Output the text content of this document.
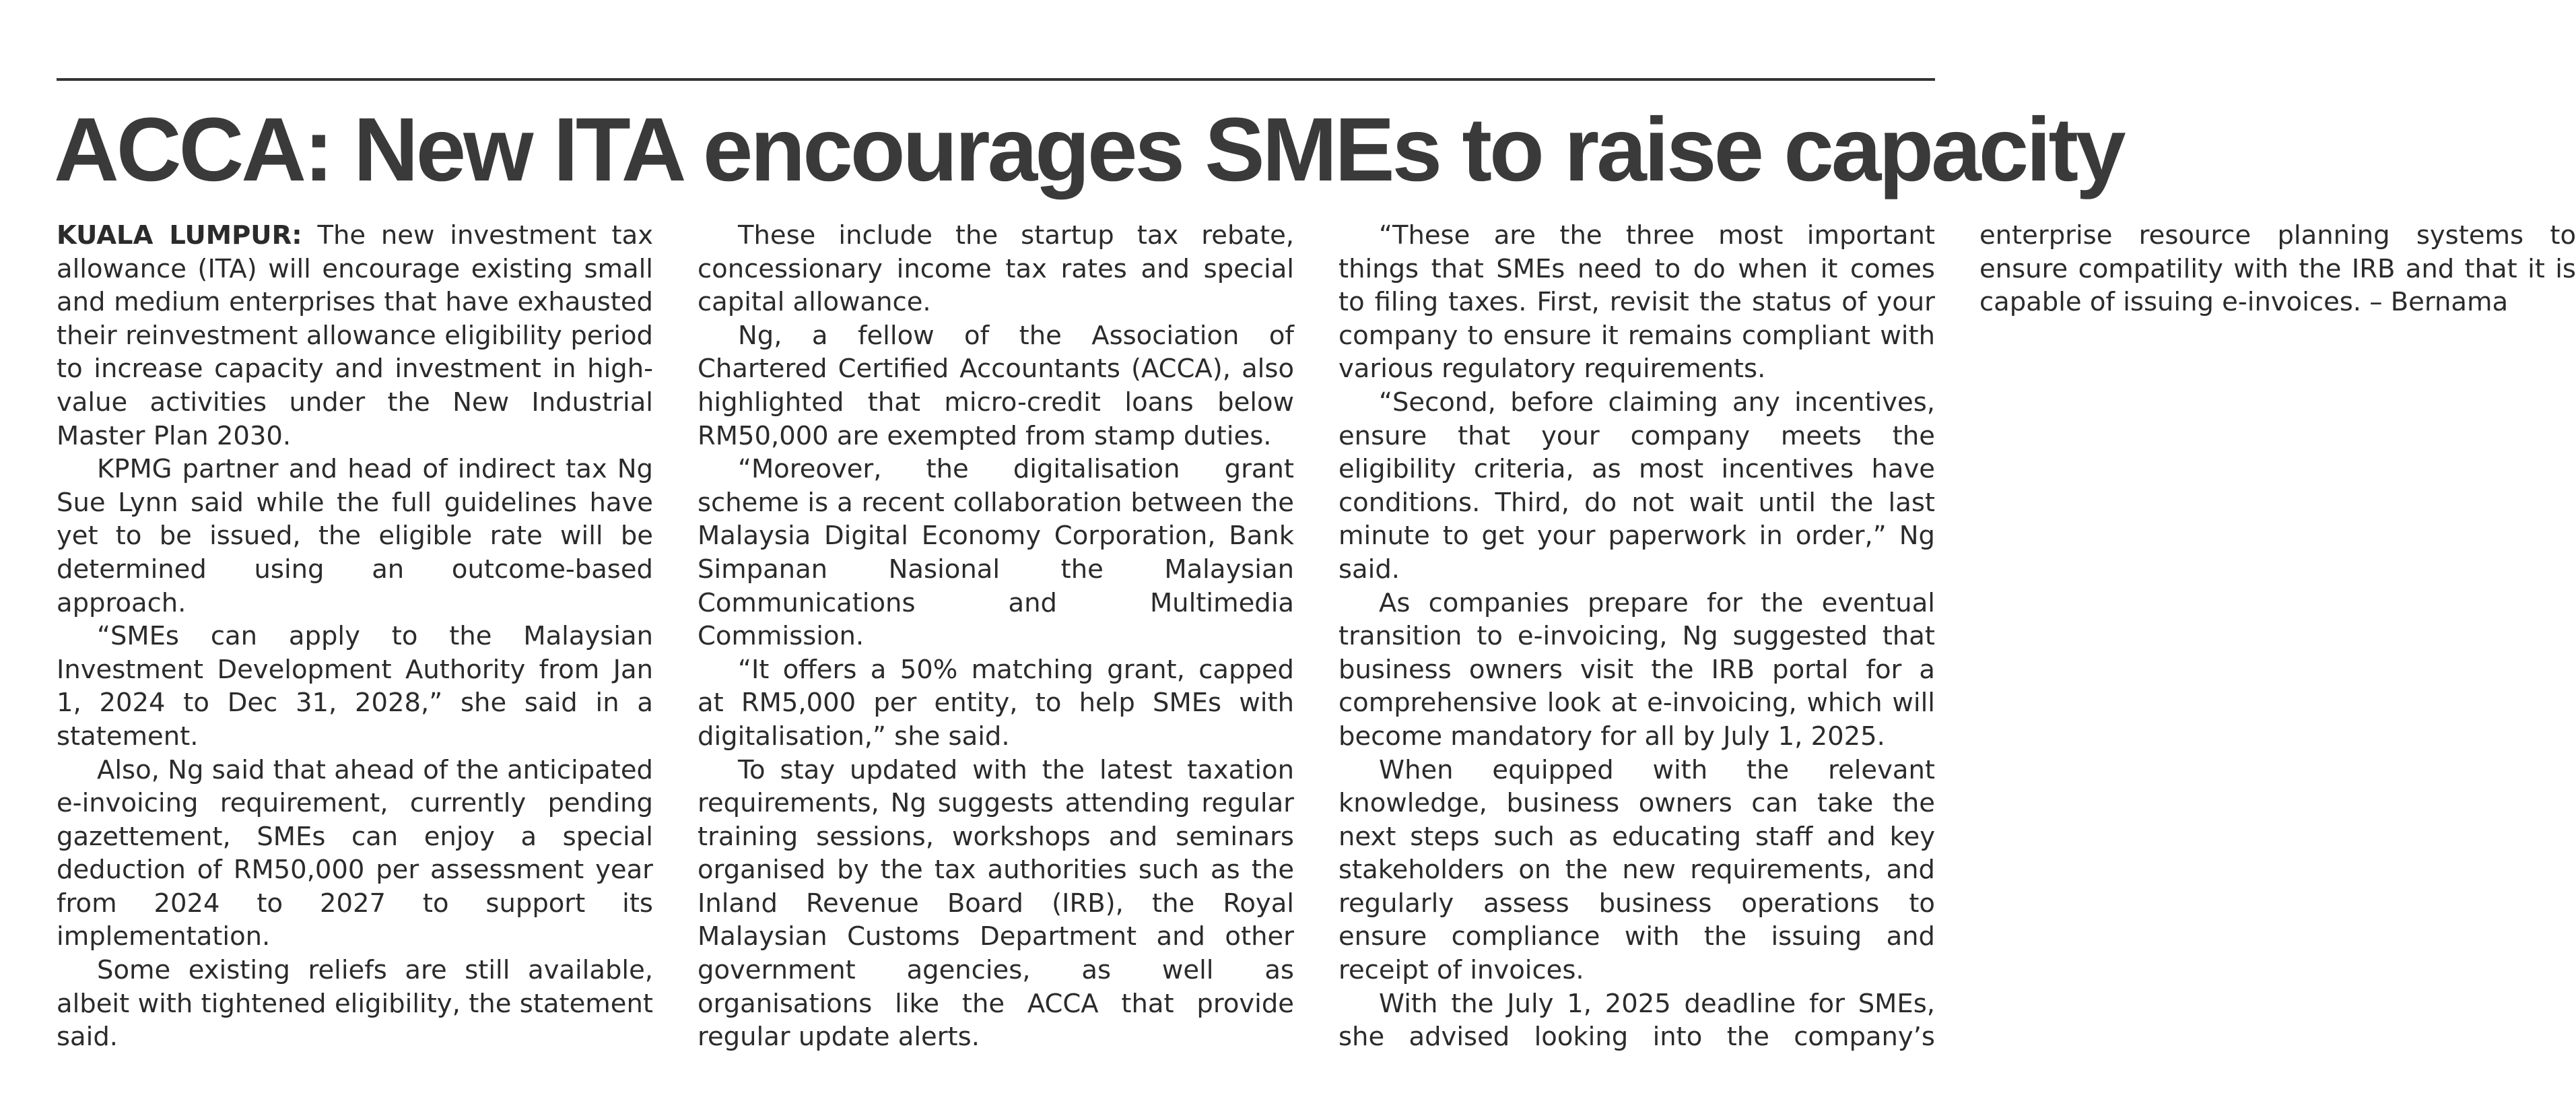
ACCA: New ITA encourages SMEs to raise capacity

KUALA LUMPUR: The new investment tax allowance (ITA) will encourage existing small and medium enterprises that have exhausted their reinvestment allowance eligibility period to increase capacity and investment in high-value activities under the New Industrial Master Plan 2030.

KPMG partner and head of indirect tax Ng Sue Lynn said while the full guidelines have yet to be issued, the eligible rate will be determined using an outcome-based approach.

“SMEs can apply to the Malaysian Investment Development Authority from Jan 1, 2024 to Dec 31, 2028,” she said in a statement.

Also, Ng said that ahead of the anticipated e-invoicing requirement, currently pending gazettement, SMEs can enjoy a special deduction of RM50,000 per assessment year from 2024 to 2027 to support its implementation.

Some existing reliefs are still available, albeit with tightened eligibility, the statement said.

These include the startup tax rebate, concessionary income tax rates and special capital allowance.

Ng, a fellow of the Association of Chartered Certified Accountants (ACCA), also highlighted that micro-credit loans below RM50,000 are exempted from stamp duties.

“Moreover, the digitalisation grant scheme is a recent collaboration between the Malaysia Digital Economy Corporation, Bank Simpanan Nasional the Malaysian Communications and Multimedia Commission.

“It offers a 50% matching grant, capped at RM5,000 per entity, to help SMEs with digitalisation,” she said.

To stay updated with the latest taxation requirements, Ng suggests attending regular training sessions, workshops and seminars organised by the tax authorities such as the Inland Revenue Board (IRB), the Royal Malaysian Customs Department and other government agencies, as well as organisations like the ACCA that provide regular update alerts.

“These are the three most important things that SMEs need to do when it comes to filing taxes. First, revisit the status of your company to ensure it remains compliant with various regulatory requirements.

“Second, before claiming any incentives, ensure that your company meets the eligibility criteria, as most incentives have conditions. Third, do not wait until the last minute to get your paperwork in order,” Ng said.

As companies prepare for the eventual transition to e-invoicing, Ng suggested that business owners visit the IRB portal for a comprehensive look at e-invoicing, which will become mandatory for all by July 1, 2025.

When equipped with the relevant knowledge, business owners can take the next steps such as educating staff and key stakeholders on the new requirements, and regularly assess business operations to ensure compliance with the issuing and receipt of invoices.

With the July 1, 2025 deadline for SMEs, she advised looking into the company’s enterprise resource planning systems to ensure compatility with the IRB and that it is capable of issuing e-invoices. – Bernama
